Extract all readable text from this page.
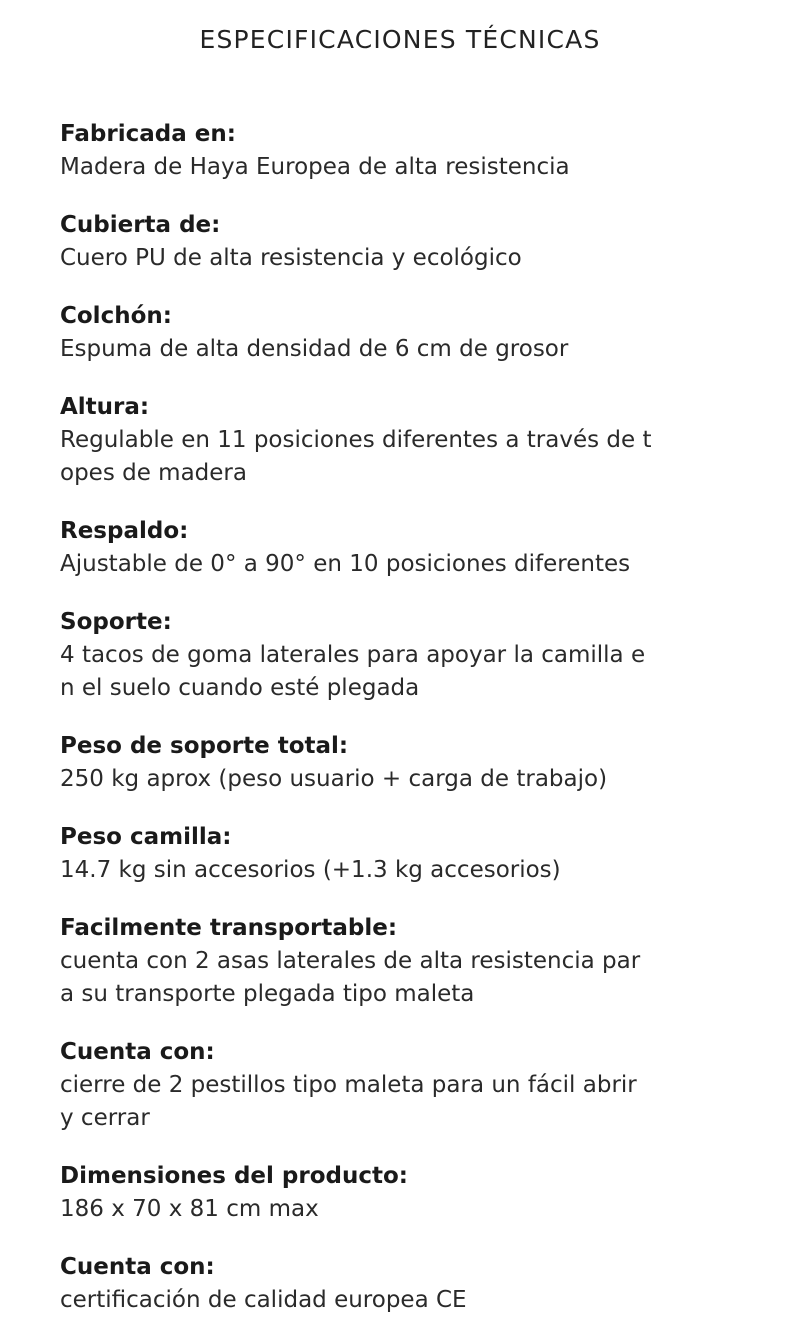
ESPECIFICACIONES TÉCNICAS
Fabricada en:
Madera de Haya Europea de alta resistencia
Cubierta de:
Cuero PU de alta resistencia y ecológico
Colchón:
Espuma de alta densidad de 6 cm de grosor
Altura:
Regulable en 11 posiciones diferentes a través de t
opes de madera
Respaldo:
Ajustable de 0° a 90° en 10 posiciones diferentes
Soporte:
4 tacos de goma laterales para apoyar la camilla e
n el suelo cuando esté plegada
Peso de soporte total:
250 kg aprox (peso usuario + carga de trabajo)
Peso camilla:
14.7 kg sin accesorios (+1.3 kg accesorios)
Facilmente transportable:
cuenta con 2 asas laterales de alta resistencia par
a su transporte plegada tipo maleta
Cuenta con:
cierre de 2 pestillos tipo maleta para un fácil abrir
y cerrar
Dimensiones del producto:
186 x 70 x 81 cm max
Cuenta con:
certificación de calidad europea CE
